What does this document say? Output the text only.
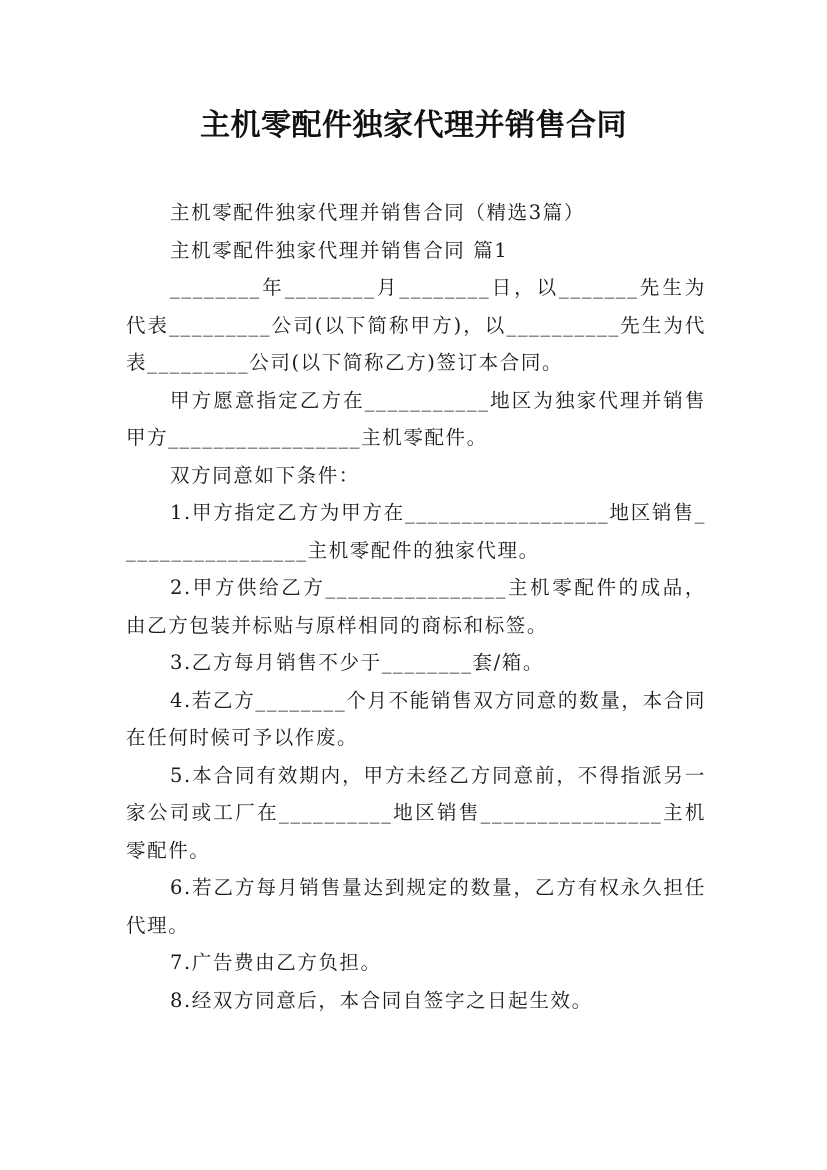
主机零配件独家代理并销售合同

主机零配件独家代理并销售合同（精选3篇）

主机零配件独家代理并销售合同 篇1

________年________月________日，以_______先生为代表_________公司(以下简称甲方)，以__________先生为代表_________公司(以下简称乙方)签订本合同。

甲方愿意指定乙方在___________地区为独家代理并销售甲方_________________主机零配件。

双方同意如下条件：

1.甲方指定乙方为甲方在__________________地区销售_________________主机零配件的独家代理。

2.甲方供给乙方________________主机零配件的成品，由乙方包装并标贴与原样相同的商标和标签。

3.乙方每月销售不少于________套/箱。

4.若乙方________个月不能销售双方同意的数量，本合同在任何时候可予以作废。

5.本合同有效期内，甲方未经乙方同意前，不得指派另一家公司或工厂在__________地区销售________________主机零配件。

6.若乙方每月销售量达到规定的数量，乙方有权永久担任代理。

7.广告费由乙方负担。

8.经双方同意后，本合同自签字之日起生效。
